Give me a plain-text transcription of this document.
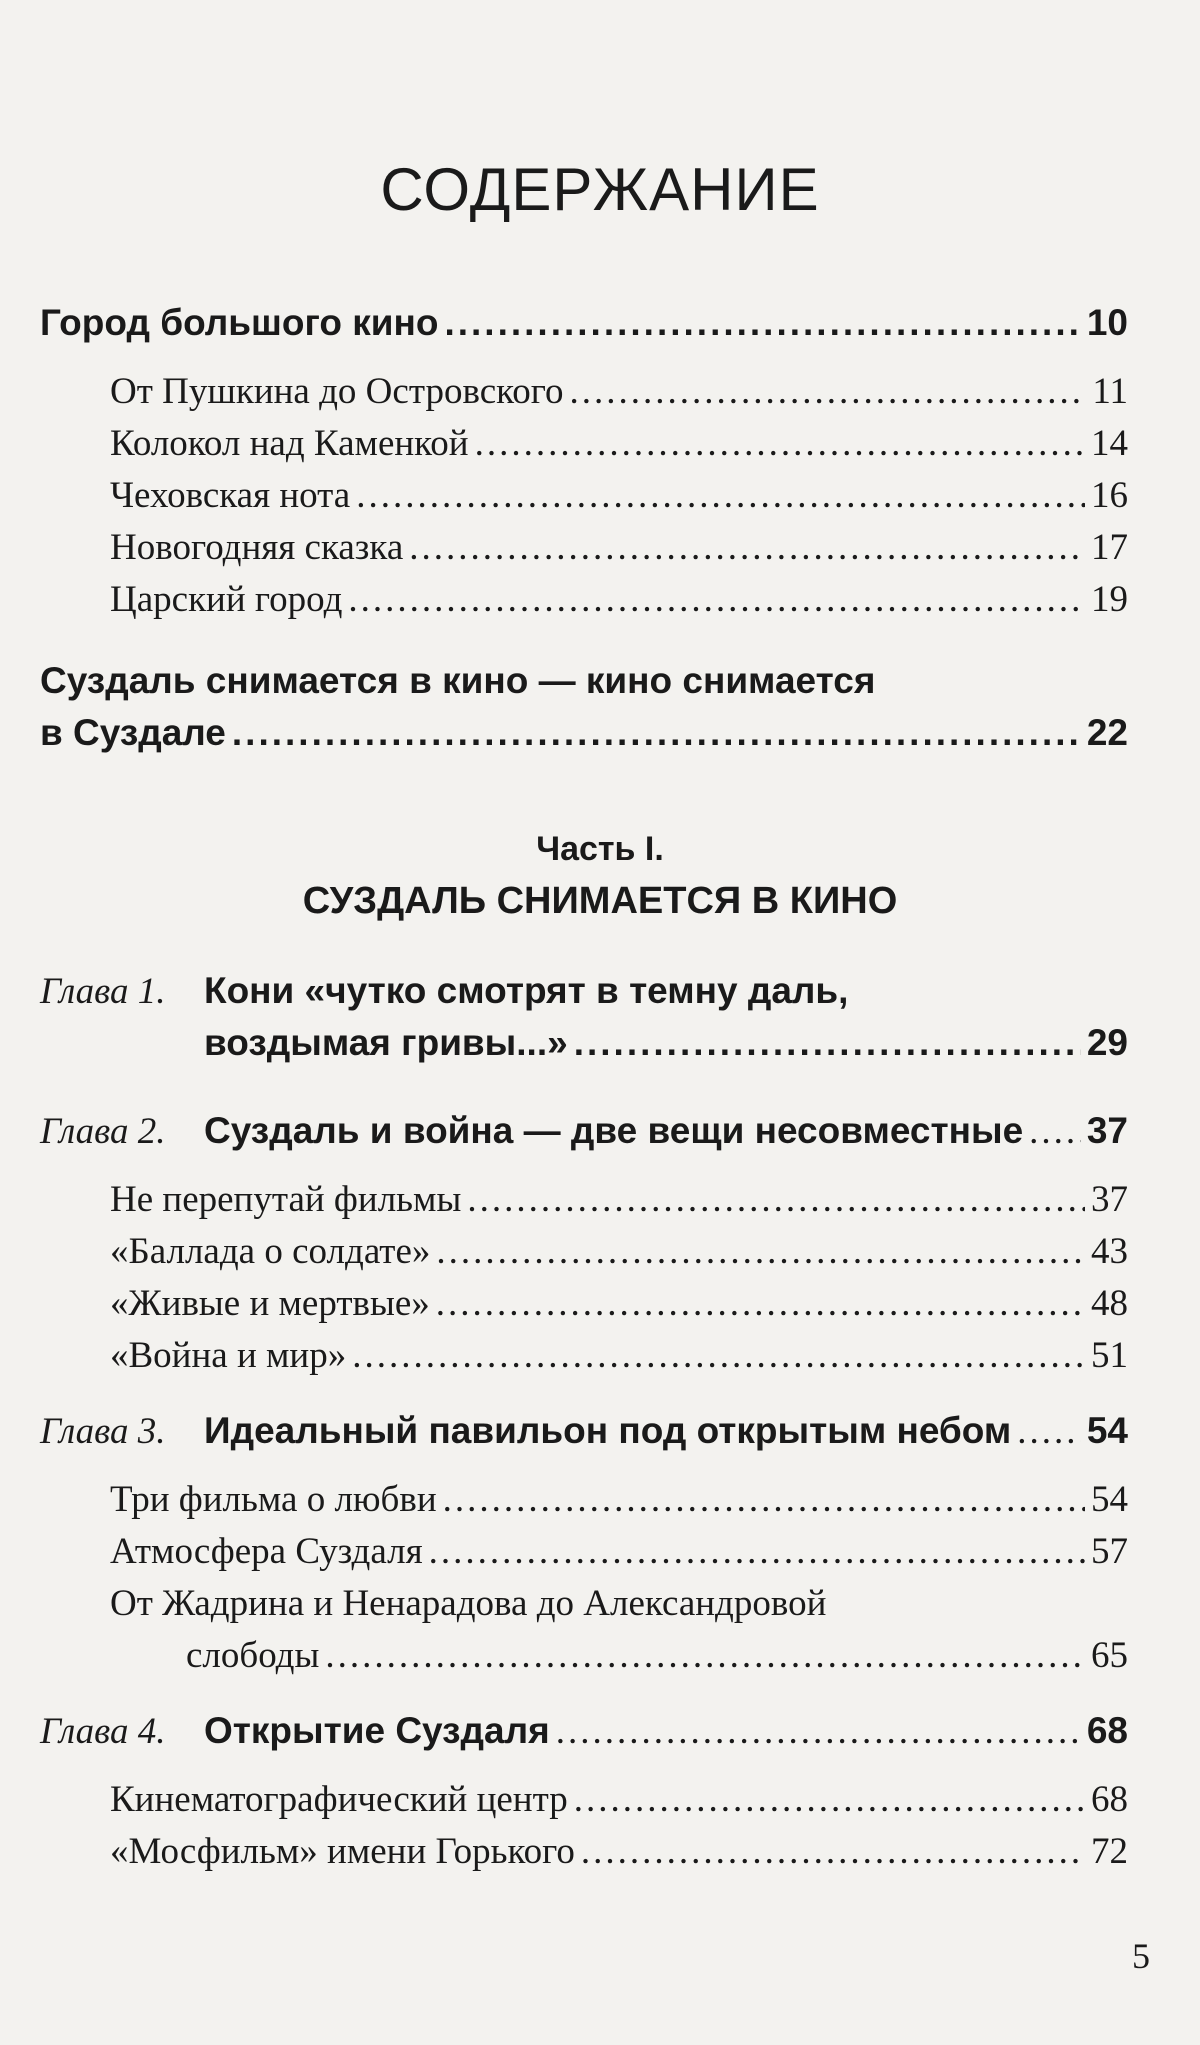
СОДЕРЖАНИЕ
Город большого кино .....	10
От Пушкина до Островского .....	11
Колокол над Каменкой .....	14
Чеховская нота .....	16
Новогодняя сказка .....	17
Царский город .....	19
Суздаль снимается в кино — кино снимается
в Суздале .....	22
Часть I.
СУЗДАЛЬ СНИМАЕТСЯ В КИНО
Глава 1. Кони «чутко смотрят в темну даль,
воздымая гривы...» .....	29
Глава 2.	Суздаль и война — две вещи несовместные ..... 37
Не перепутай фильмы .....	37
«Баллада о солдате» .....	43
«Живые и мертвые» .....	48
«Война и мир» .....	51
Глава 3.	Идеальный павильон под открытым небом ..... 54
Три фильма о любви .....	54
Атмосфера Суздаля .....	57
От Жадрина и Ненарадова до Александровой
слободы .....	65
Глава 4.	Открытие Суздаля .....	68
Кинематографический центр .....	68
«Мосфильм» имени Горького .....	72
5
